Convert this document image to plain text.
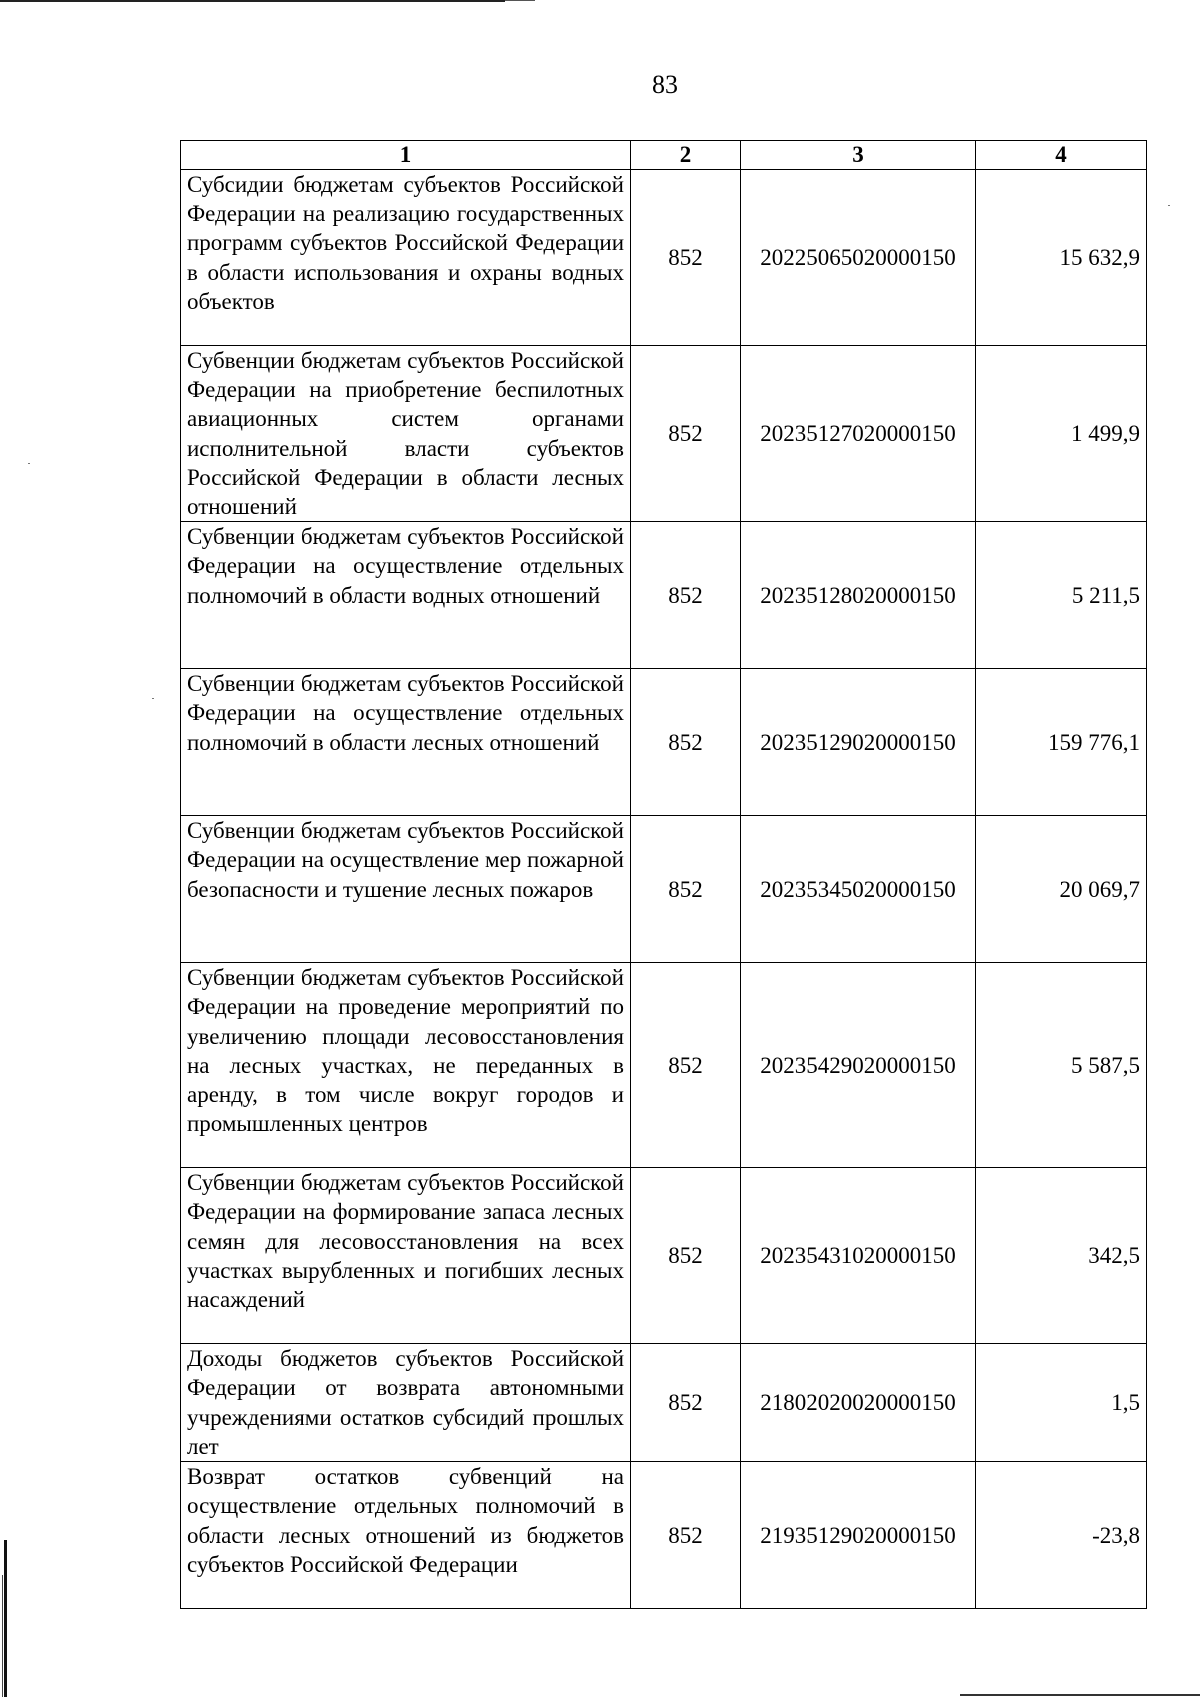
83
1	2	3	4
Субсидии бюджетам субъектов Российской Федерации на реализацию государственных программ субъектов Российской Федерации в области использования и охраны водных объектов	852	20225065020000150	15 632,9
Субвенции бюджетам субъектов Российской Федерации на приобретение беспилотных авиационных систем органами исполнительной власти субъектов Российской Федерации в области лесных отношений	852	20235127020000150	1 499,9
Субвенции бюджетам субъектов Российской Федерации на осуществление отдельных полномочий в области водных отношений	852	20235128020000150	5 211,5
Субвенции бюджетам субъектов Российской Федерации на осуществление отдельных полномочий в области лесных отношений	852	20235129020000150	159 776,1
Субвенции бюджетам субъектов Российской Федерации на осуществление мер пожарной безопасности и тушение лесных пожаров	852	20235345020000150	20 069,7
Субвенции бюджетам субъектов Российской Федерации на проведение мероприятий по увеличению площади лесовосстановления на лесных участках, не переданных в аренду, в том числе вокруг городов и промышленных центров	852	20235429020000150	5 587,5
Субвенции бюджетам субъектов Российской Федерации на формирование запаса лесных семян для лесовосстановления на всех участках вырубленных и погибших лесных насаждений	852	20235431020000150	342,5
Доходы бюджетов субъектов Российской Федерации от возврата автономными учреждениями остатков субсидий прошлых лет	852	21802020020000150	1,5
Возврат остатков субвенций на осуществление отдельных полномочий в области лесных отношений из бюджетов субъектов Российской Федерации	852	21935129020000150	-23,8
